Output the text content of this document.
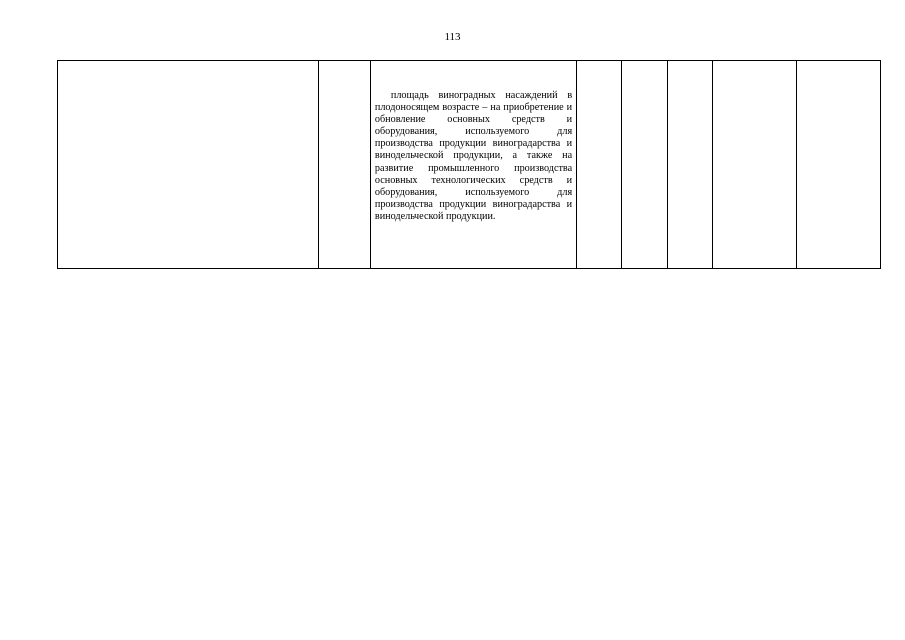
113

площадь виноградных насаждений в плодоносящем возрасте – на приобретение и обновление основных средств и оборудования, используемого для производства продукции виноградарства и винодельческой продукции, а также на развитие промышленного производства основных технологических средств и оборудования, используемого для производства продукции виноградарства и винодельческой продукции.
